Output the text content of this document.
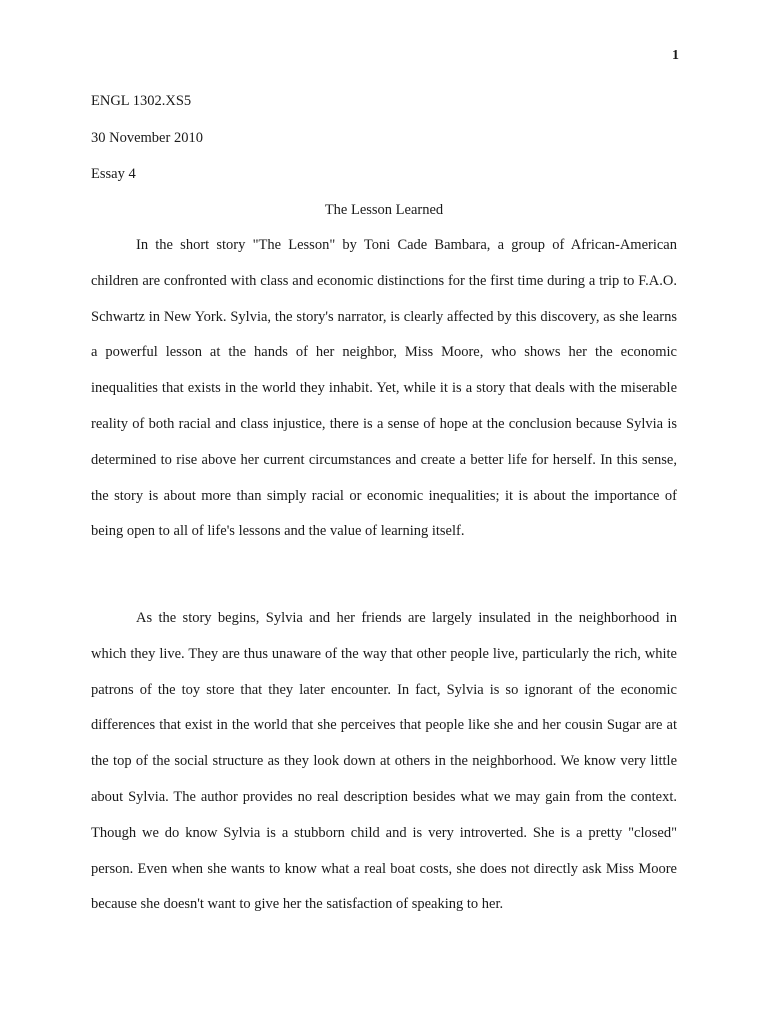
1
ENGL 1302.XS5
30 November 2010
Essay 4
The Lesson Learned

In the short story "The Lesson" by Toni Cade Bambara, a group of African-American children are confronted with class and economic distinctions for the first time during a trip to F.A.O. Schwartz in New York. Sylvia, the story's narrator, is clearly affected by this discovery, as she learns a powerful lesson at the hands of her neighbor, Miss Moore, who shows her the economic inequalities that exists in the world they inhabit. Yet, while it is a story that deals with the miserable reality of both racial and class injustice, there is a sense of hope at the conclusion because Sylvia is determined to rise above her current circumstances and create a better life for herself. In this sense, the story is about more than simply racial or economic inequalities; it is about the importance of being open to all of life's lessons and the value of learning itself.

As the story begins, Sylvia and her friends are largely insulated in the neighborhood in which they live. They are thus unaware of the way that other people live, particularly the rich, white patrons of the toy store that they later encounter. In fact, Sylvia is so ignorant of the economic differences that exist in the world that she perceives that people like she and her cousin Sugar are at the top of the social structure as they look down at others in the neighborhood. We know very little about Sylvia. The author provides no real description besides what we may gain from the context. Though we do know Sylvia is a stubborn child and is very introverted. She is a pretty "closed" person. Even when she wants to know what a real boat costs, she does not directly ask Miss Moore because she doesn't want to give her the satisfaction of speaking to her.
